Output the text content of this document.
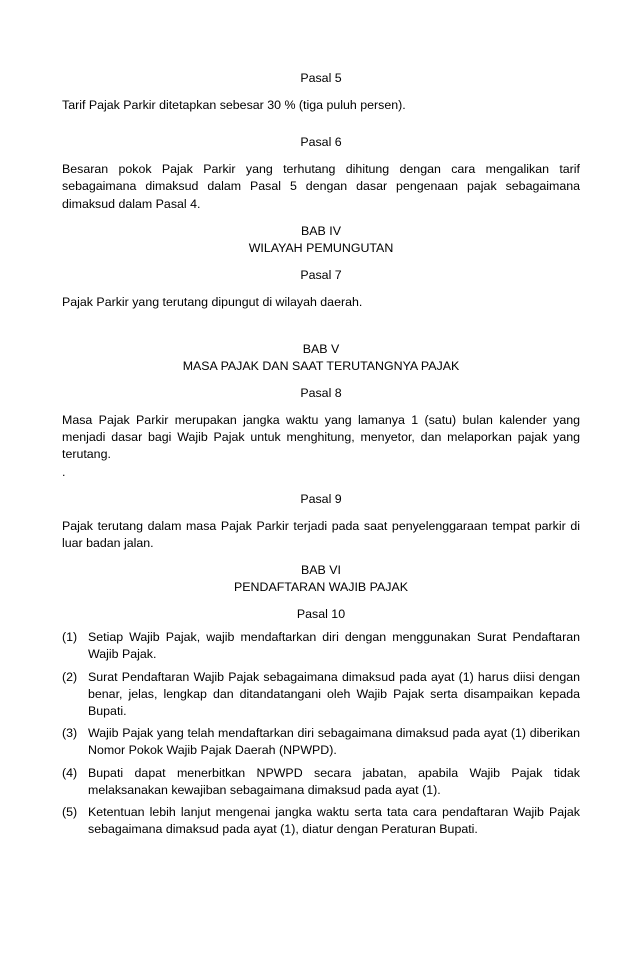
Pasal 5

Tarif Pajak Parkir ditetapkan sebesar 30 % (tiga puluh persen).

Pasal 6

Besaran pokok Pajak Parkir yang terhutang dihitung dengan cara mengalikan tarif sebagaimana dimaksud dalam Pasal 5 dengan dasar pengenaan pajak sebagaimana dimaksud dalam Pasal 4.

BAB IV
WILAYAH PEMUNGUTAN
Pasal 7

Pajak Parkir yang terutang dipungut di wilayah daerah.

BAB V
MASA PAJAK DAN SAAT TERUTANGNYA PAJAK
Pasal 8

Masa Pajak Parkir merupakan jangka waktu yang lamanya 1 (satu) bulan kalender yang menjadi dasar bagi Wajib Pajak untuk menghitung, menyetor, dan melaporkan pajak yang terutang.

.

Pasal 9

Pajak terutang dalam masa Pajak Parkir terjadi pada saat penyelenggaraan tempat parkir di luar badan jalan.

BAB VI
PENDAFTARAN WAJIB PAJAK
Pasal 10
(1) Setiap Wajib Pajak, wajib mendaftarkan diri dengan menggunakan Surat Pendaftaran Wajib Pajak.
(2) Surat Pendaftaran Wajib Pajak sebagaimana dimaksud pada ayat (1) harus diisi dengan benar, jelas, lengkap dan ditandatangani oleh Wajib Pajak serta disampaikan kepada Bupati.
(3) Wajib Pajak yang telah mendaftarkan diri sebagaimana dimaksud pada ayat (1) diberikan Nomor Pokok Wajib Pajak Daerah (NPWPD).
(4) Bupati dapat menerbitkan NPWPD secara jabatan, apabila Wajib Pajak tidak melaksanakan kewajiban sebagaimana dimaksud pada ayat (1).
(5) Ketentuan lebih lanjut mengenai jangka waktu serta tata cara pendaftaran Wajib Pajak sebagaimana dimaksud pada ayat (1), diatur dengan Peraturan Bupati.
